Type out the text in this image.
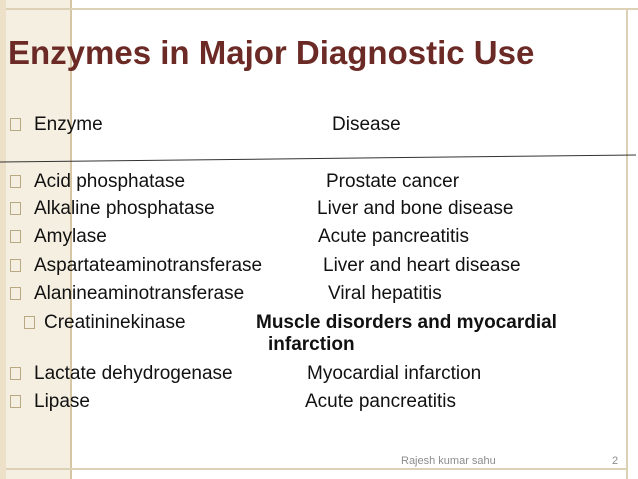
Enzymes in Major Diagnostic Use
Enzyme	Disease
Acid phosphatase	Prostate cancer
Alkaline phosphatase	Liver and bone disease
Amylase	Acute pancreatitis
Aspartateaminotransferase	Liver and heart disease
Alanineaminotransferase	Viral hepatitis
Creatininekinase	Muscle disorders and myocardial
infarction
Lactate dehydrogenase	Myocardial infarction
Lipase	Acute pancreatitis
Rajesh kumar sahu	2
